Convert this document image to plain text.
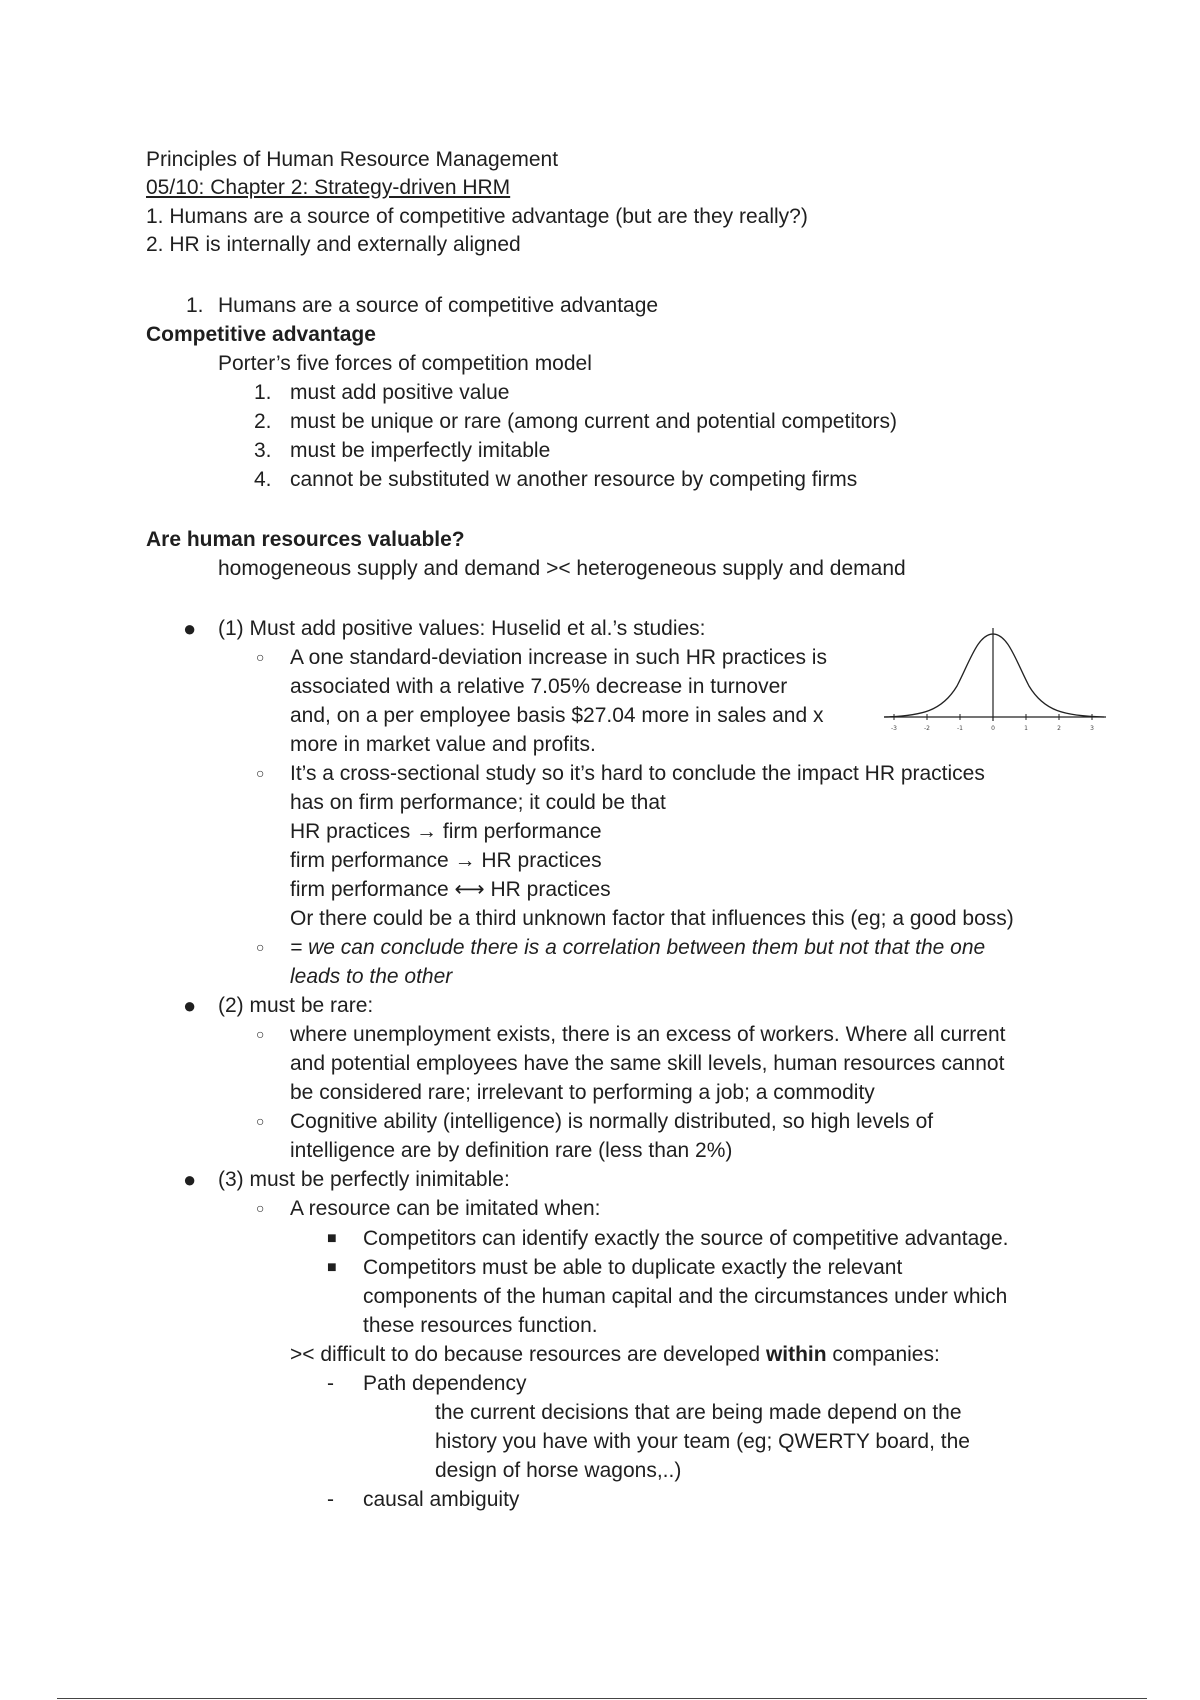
Principles of Human Resource Management
05/10: Chapter 2: Strategy-driven HRM
1. Humans are a source of competitive advantage (but are they really?)
2. HR is internally and externally aligned
1. Humans are a source of competitive advantage
Competitive advantage
Porter’s five forces of competition model
1. must add positive value
2. must be unique or rare (among current and potential competitors)
3. must be imperfectly imitable
4. cannot be substituted w another resource by competing firms
Are human resources valuable?
homogeneous supply and demand >< heterogeneous supply and demand
● (1) Must add positive values: Huselid et al.’s studies:
○ A one standard-deviation increase in such HR practices is
associated with a relative 7.05% decrease in turnover
and, on a per employee basis $27.04 more in sales and x
more in market value and profits.
○ It’s a cross-sectional study so it’s hard to conclude the impact HR practices
has on firm performance; it could be that
HR practices → firm performance
firm performance → HR practices
firm performance ⟷ HR practices
Or there could be a third unknown factor that influences this (eg; a good boss)
○ = we can conclude there is a correlation between them but not that the one
leads to the other
● (2) must be rare:
○ where unemployment exists, there is an excess of workers. Where all current
and potential employees have the same skill levels, human resources cannot
be considered rare; irrelevant to performing a job; a commodity
○ Cognitive ability (intelligence) is normally distributed, so high levels of
intelligence are by definition rare (less than 2%)
● (3) must be perfectly inimitable:
○ A resource can be imitated when:
■ Competitors can identify exactly the source of competitive advantage.
■ Competitors must be able to duplicate exactly the relevant
components of the human capital and the circumstances under which
these resources function.
>< difficult to do because resources are developed within companies:
- Path dependency
the current decisions that are being made depend on the
history you have with your team (eg; QWERTY board, the
design of horse wagons,..)
- causal ambiguity
-3	-2	-1	0	1	2	3
